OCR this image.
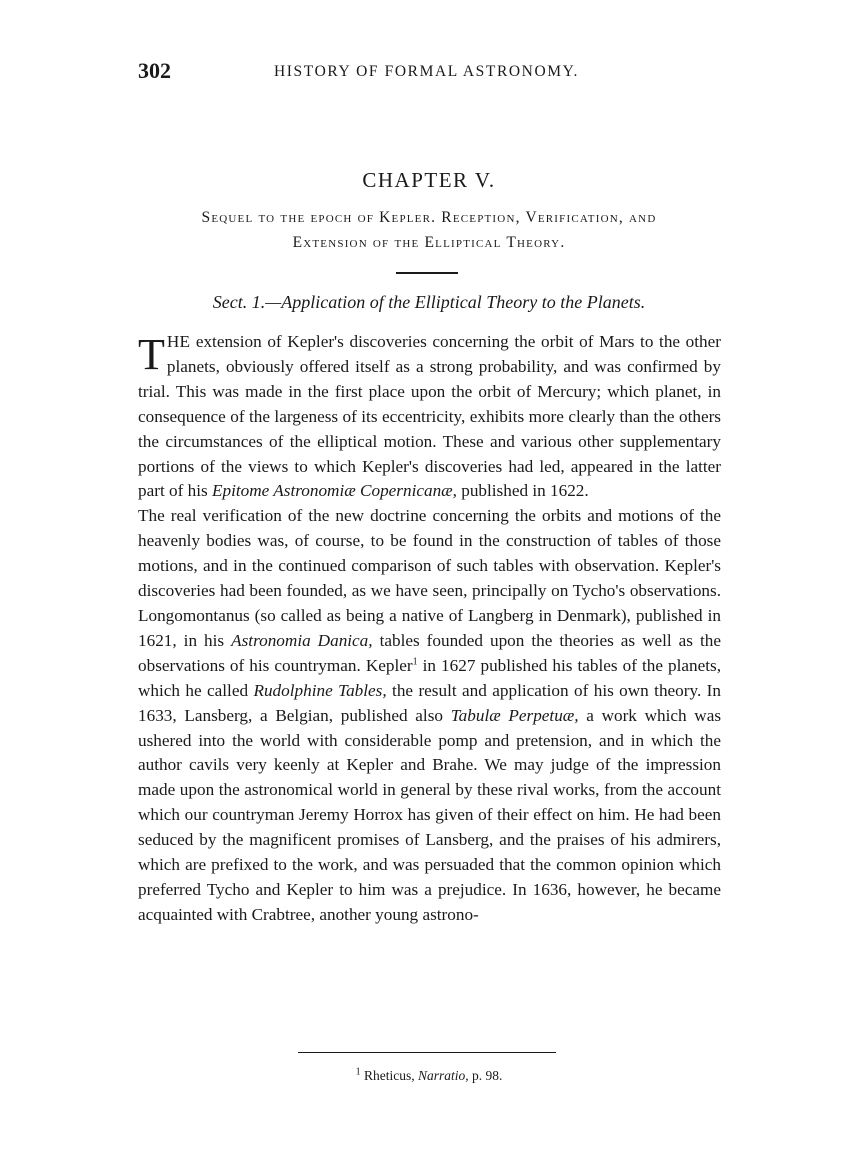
302	HISTORY OF FORMAL ASTRONOMY.
CHAPTER V.
Sequel to the epoch of Kepler. Reception, Verification, and
Extension of the Elliptical Theory.
Sect. 1.—Application of the Elliptical Theory to the Planets.

THE extension of Kepler's discoveries concerning the orbit of Mars to the other planets, obviously offered itself as a strong probability, and was confirmed by trial. This was made in the first place upon the orbit of Mercury; which planet, in consequence of the largeness of its eccentricity, exhibits more clearly than the others the circumstances of the elliptical motion. These and various other supplementary portions of the views to which Kepler's discoveries had led, appeared in the latter part of his Epitome Astronomiæ Copernicanæ, published in 1622.

The real verification of the new doctrine concerning the orbits and motions of the heavenly bodies was, of course, to be found in the construction of tables of those motions, and in the continued comparison of such tables with observation. Kepler's discoveries had been founded, as we have seen, principally on Tycho's observations. Longomontanus (so called as being a native of Langberg in Denmark), published in 1621, in his Astronomia Danica, tables founded upon the theories as well as the observations of his countryman. Kepler$^1$ in 1627 published his tables of the planets, which he called Rudolphine Tables, the result and application of his own theory. In 1633, Lansberg, a Belgian, published also Tabulæ Perpetuæ, a work which was ushered into the world with considerable pomp and pretension, and in which the author cavils very keenly at Kepler and Brahe. We may judge of the impression made upon the astronomical world in general by these rival works, from the account which our countryman Jeremy Horrox has given of their effect on him. He had been seduced by the magnificent promises of Lansberg, and the praises of his admirers, which are prefixed to the work, and was persuaded that the common opinion which preferred Tycho and Kepler to him was a prejudice. In 1636, however, he became acquainted with Crabtree, another young astrono-

$^1$ Rheticus, Narratio, p. 98.
